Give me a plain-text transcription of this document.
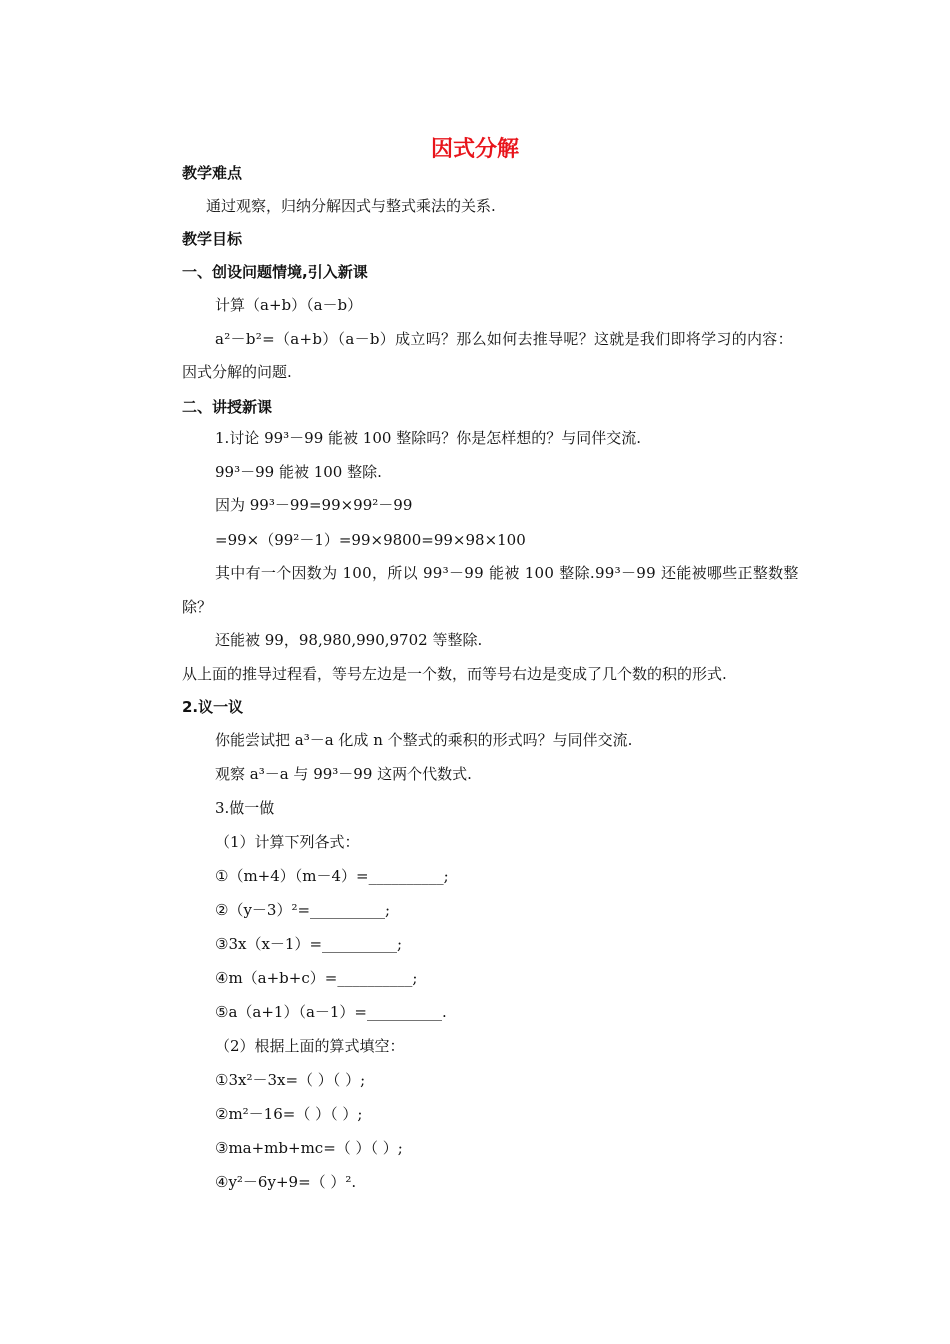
因式分解
教学难点
通过观察，归纳分解因式与整式乘法的关系.
教学目标
一、创设问题情境,引入新课
计算（a+b）（a－b）
a²－b²=（a+b）（a－b）成立吗？那么如何去推导呢？这就是我们即将学习的内容：
因式分解的问题.
二、讲授新课
1.讨论 99³－99 能被 100 整除吗？你是怎样想的？与同伴交流.
99³－99 能被 100 整除.
因为 99³－99=99×99²－99
=99×（99²－1）=99×9800=99×98×100
其中有一个因数为 100，所以 99³－99 能被 100 整除.99³－99 还能被哪些正整数整
除？
还能被 99，98,980,990,9702 等整除.
从上面的推导过程看，等号左边是一个数，而等号右边是变成了几个数的积的形式.
2.议一议
你能尝试把 a³－a 化成 n 个整式的乘积的形式吗？与同伴交流.
观察 a³－a 与 99³－99 这两个代数式.
3.做一做
（1）计算下列各式：
①（m+4）（m－4）=__________;
②（y－3）²=__________;
③3x（x－1）=__________;
④m（a+b+c）=__________;
⑤a（a+1）（a－1）=__________.
（2）根据上面的算式填空：
①3x²－3x=（ ）（ ）;
②m²－16=（ ）（ ）;
③ma+mb+mc=（ ）（ ）;
④y²－6y+9=（ ）².
